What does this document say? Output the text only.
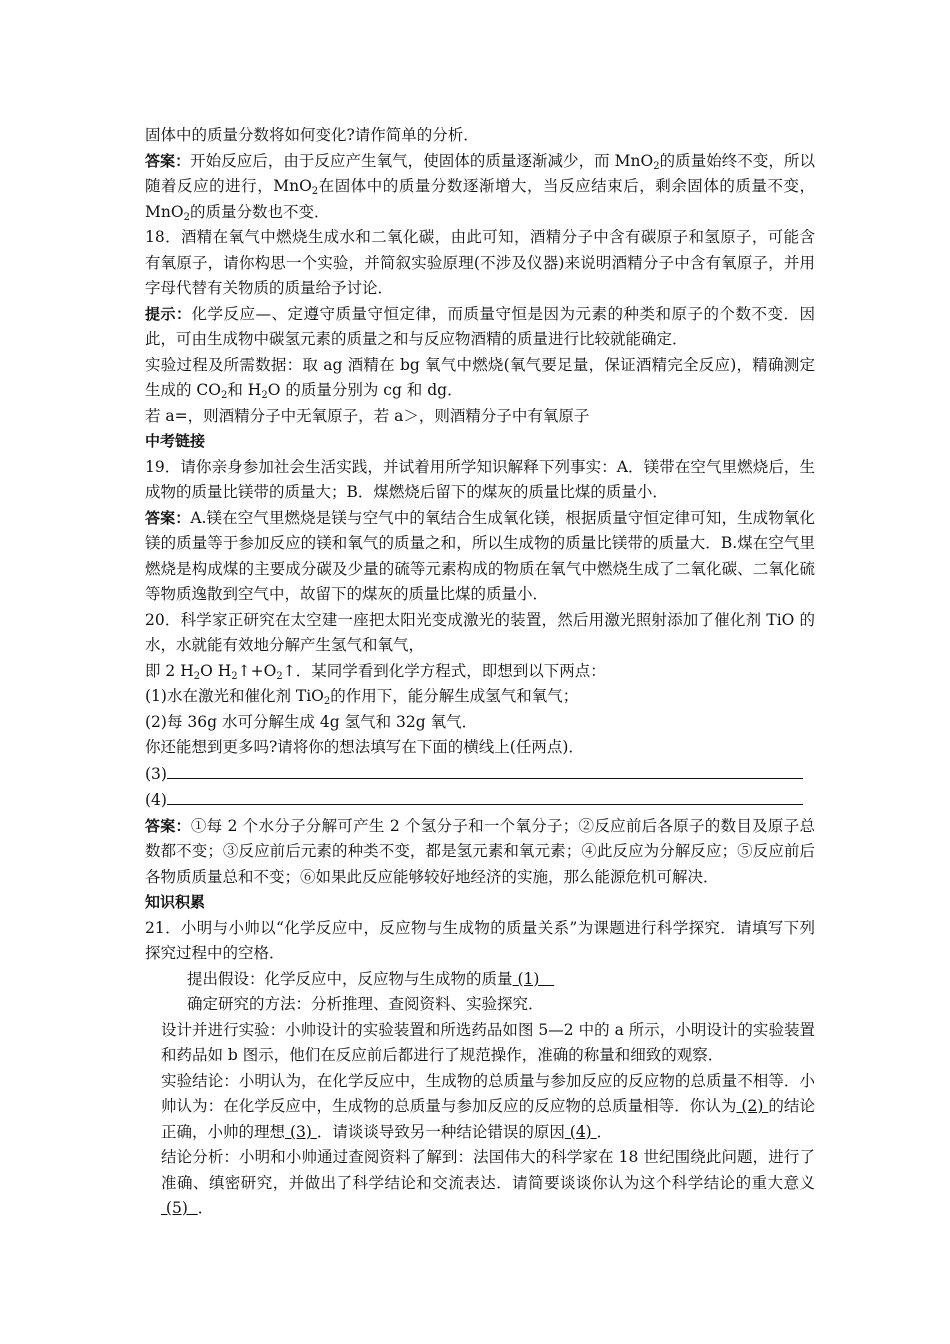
固体中的质量分数将如何变化?请作简单的分析．

答案：开始反应后，由于反应产生氧气，使固体的质量逐渐减少，而 MnO$_2$的质量始终不变，所以随着反应的进行，MnO$_2$在固体中的质量分数逐渐增大，当反应结束后，剩余固体的质量不变，MnO$_2$的质量分数也不变．

18．酒精在氧气中燃烧生成水和二氧化碳，由此可知，酒精分子中含有碳原子和氢原子，可能含有氧原子，请你构思一个实验，并简叙实验原理(不涉及仪器)来说明酒精分子中含有氧原子，并用字母代替有关物质的质量给予讨论．

提示：化学反应—、定遵守质量守恒定律，而质量守恒是因为元素的种类和原子的个数不变．因此，可由生成物中碳氢元素的质量之和与反应物酒精的质量进行比较就能确定．

实验过程及所需数据：取 ag 酒精在 bg 氧气中燃烧(氧气要足量，保证酒精完全反应)，精确测定生成的 $CO_2$和 $H_2O$ 的质量分别为 cg 和 dg．

若 a=，则酒精分子中无氧原子，若 a＞，则酒精分子中有氧原子

中考链接

19．请你亲身参加社会生活实践，并试着用所学知识解释下列事实：A．镁带在空气里燃烧后，生成物的质量比镁带的质量大；B．煤燃烧后留下的煤灰的质量比煤的质量小．

答案：A.镁在空气里燃烧是镁与空气中的氧结合生成氧化镁，根据质量守恒定律可知，生成物氧化镁的质量等于参加反应的镁和氧气的质量之和，所以生成物的质量比镁带的质量大．B.煤在空气里燃烧是构成煤的主要成分碳及少量的硫等元素构成的物质在氧气中燃烧生成了二氧化碳、二氧化硫等物质逸散到空气中，故留下的煤灰的质量比煤的质量小．

20．科学家正研究在太空建一座把太阳光变成激光的装置，然后用激光照射添加了催化剂 TiO 的水，水就能有效地分解产生氢气和氧气，

即 2 $H_2O$ $H_2↑+O_2↑$．某同学看到化学方程式，即想到以下两点：

(1)水在激光和催化剂 TiO$_2$的作用下，能分解生成氢气和氧气；

(2)每 36g 水可分解生成 4g 氢气和 32g 氧气．

你还能想到更多吗?请将你的想法填写在下面的横线上(任两点)．

(3)

(4)

答案：①每 2 个水分子分解可产生 2 个氢分子和一个氧分子；②反应前后各原子的数目及原子总数都不变；③反应前后元素的种类不变，都是氢元素和氧元素；④此反应为分解反应；⑤反应前后各物质质量总和不变；⑥如果此反应能够较好地经济的实施，那么能源危机可解决．

知识积累

21．小明与小帅以“化学反应中，反应物与生成物的质量关系”为课题进行科学探究．请填写下列探究过程中的空格．

提出假设：化学反应中，反应物与生成物的质量 (1)

确定研究的方法：分析推理、查阅资料、实验探究．

设计并进行实验：小帅设计的实验装置和所选药品如图 5—2 中的 a 所示，小明设计的实验装置和药品如 b 图示，他们在反应前后都进行了规范操作，准确的称量和细致的观察．

实验结论：小明认为，在化学反应中，生成物的总质量与参加反应的反应物的总质量不相等．小帅认为：在化学反应中，生成物的总质量与参加反应的反应物的总质量相等．你认为 (2) 的结论正确，小帅的理想 (3) ．请谈谈导致另一种结论错误的原因 (4) ．

结论分析：小明和小帅通过查阅资料了解到：法国伟大的科学家在 18 世纪围绕此问题，进行了准确、缜密研究，并做出了科学结论和交流表达．请简要谈谈你认为这个科学结论的重大意义 (5)  ．
